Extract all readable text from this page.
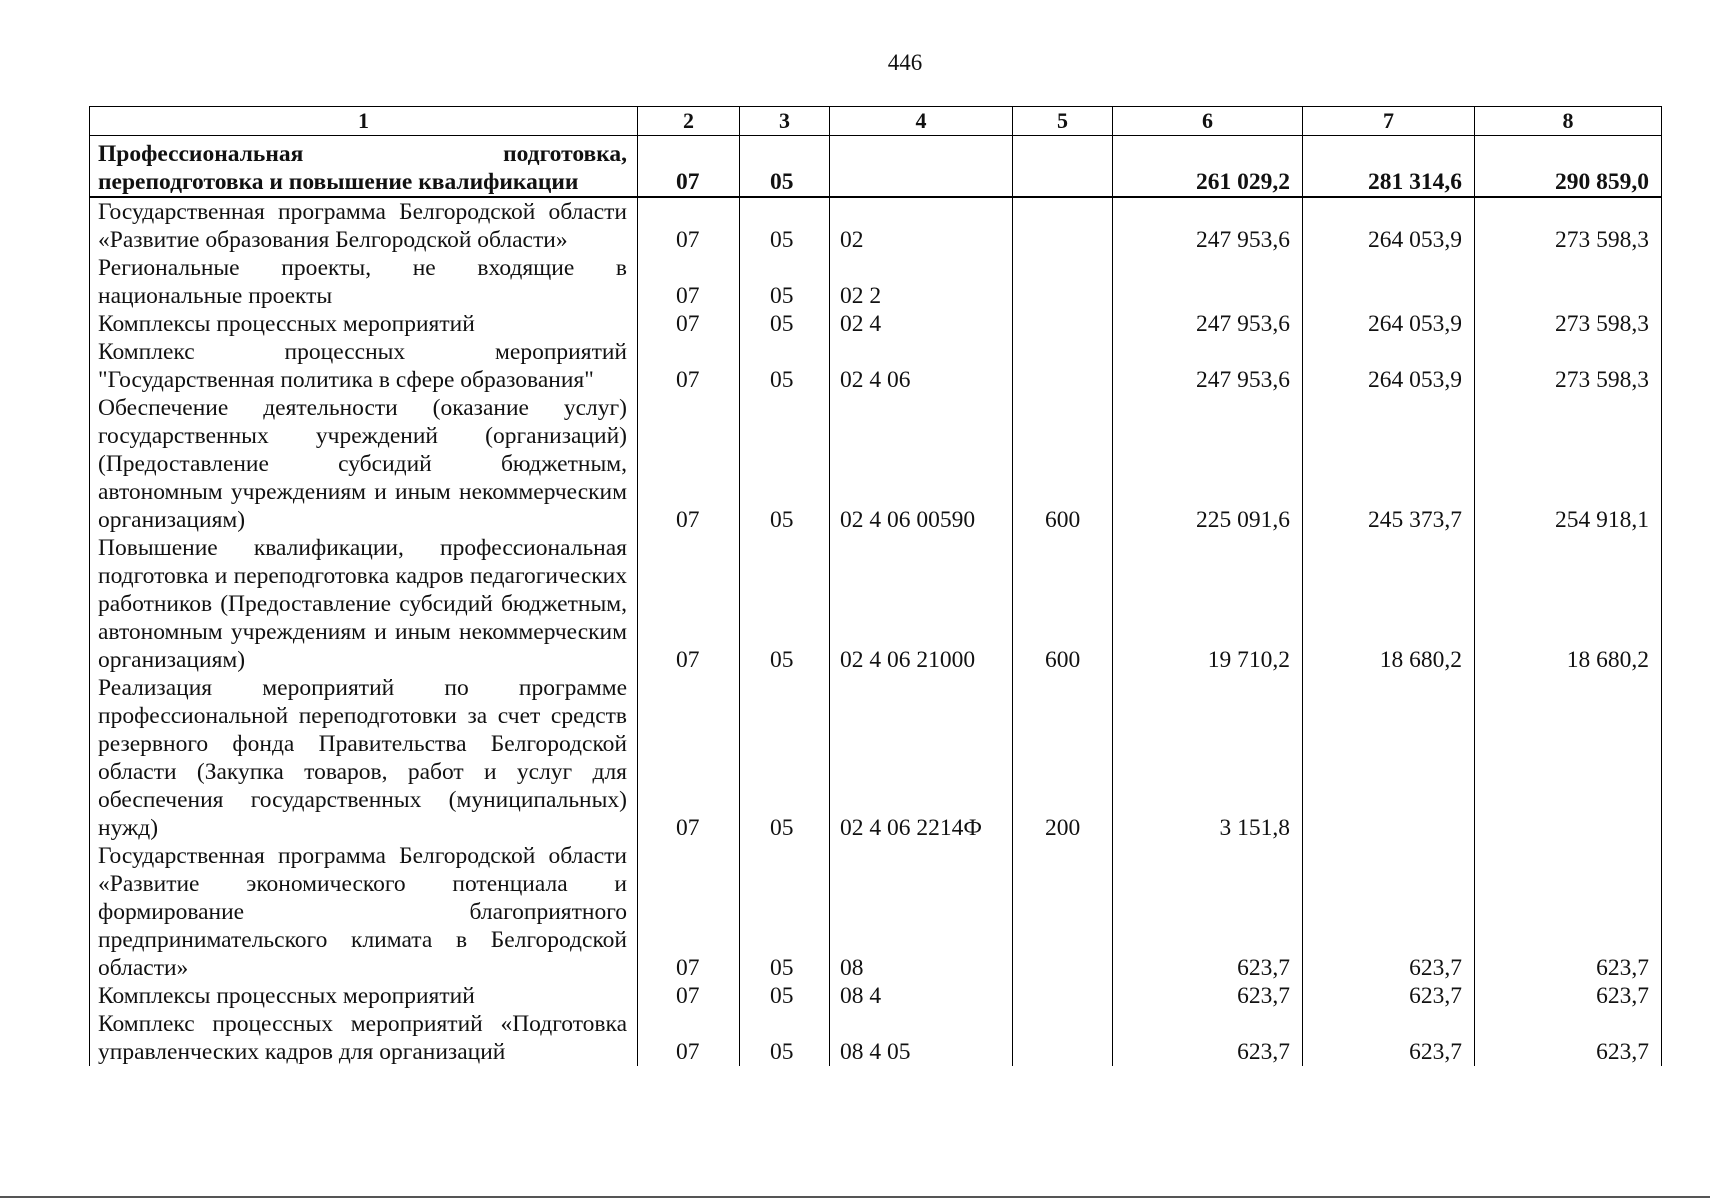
446
1	2	3	4	5	6	7	8

Профессиональная подготовка,
переподготовка и повышение квалификации	07	05			261 029,2	281 314,6	290 859,0
Государственная программа Белгородской области «Развитие образования Белгородской области»	07	05	02		247 953,6	264 053,9	273 598,3
Региональные проекты, не входящие в национальные проекты	07	05	02 2				
Комплексы процессных мероприятий	07	05	02 4		247 953,6	264 053,9	273 598,3
Комплекс процессных мероприятий "Государственная политика в сфере образования"	07	05	02 4 06		247 953,6	264 053,9	273 598,3
Обеспечение деятельности (оказание услуг) государственных учреждений (организаций) (Предоставление субсидий бюджетным, автономным учреждениям и иным некоммерческим организациям)	07	05	02 4 06 00590	600	225 091,6	245 373,7	254 918,1
Повышение квалификации, профессиональная подготовка и переподготовка кадров педагогических работников (Предоставление субсидий бюджетным, автономным учреждениям и иным некоммерческим организациям)	07	05	02 4 06 21000	600	19 710,2	18 680,2	18 680,2
Реализация мероприятий по программе профессиональной переподготовки за счет средств резервного фонда Правительства Белгородской области (Закупка товаров, работ и услуг для обеспечения государственных (муниципальных) нужд)	07	05	02 4 06 2214Ф	200	3 151,8		
Государственная программа Белгородской области «Развитие экономического потенциала и формирование благоприятного предпринимательского климата в Белгородской области»	07	05	08		623,7	623,7	623,7
Комплексы процессных мероприятий	07	05	08 4		623,7	623,7	623,7
Комплекс процессных мероприятий «Подготовка управленческих кадров для организаций	07	05	08 4 05		623,7	623,7	623,7
